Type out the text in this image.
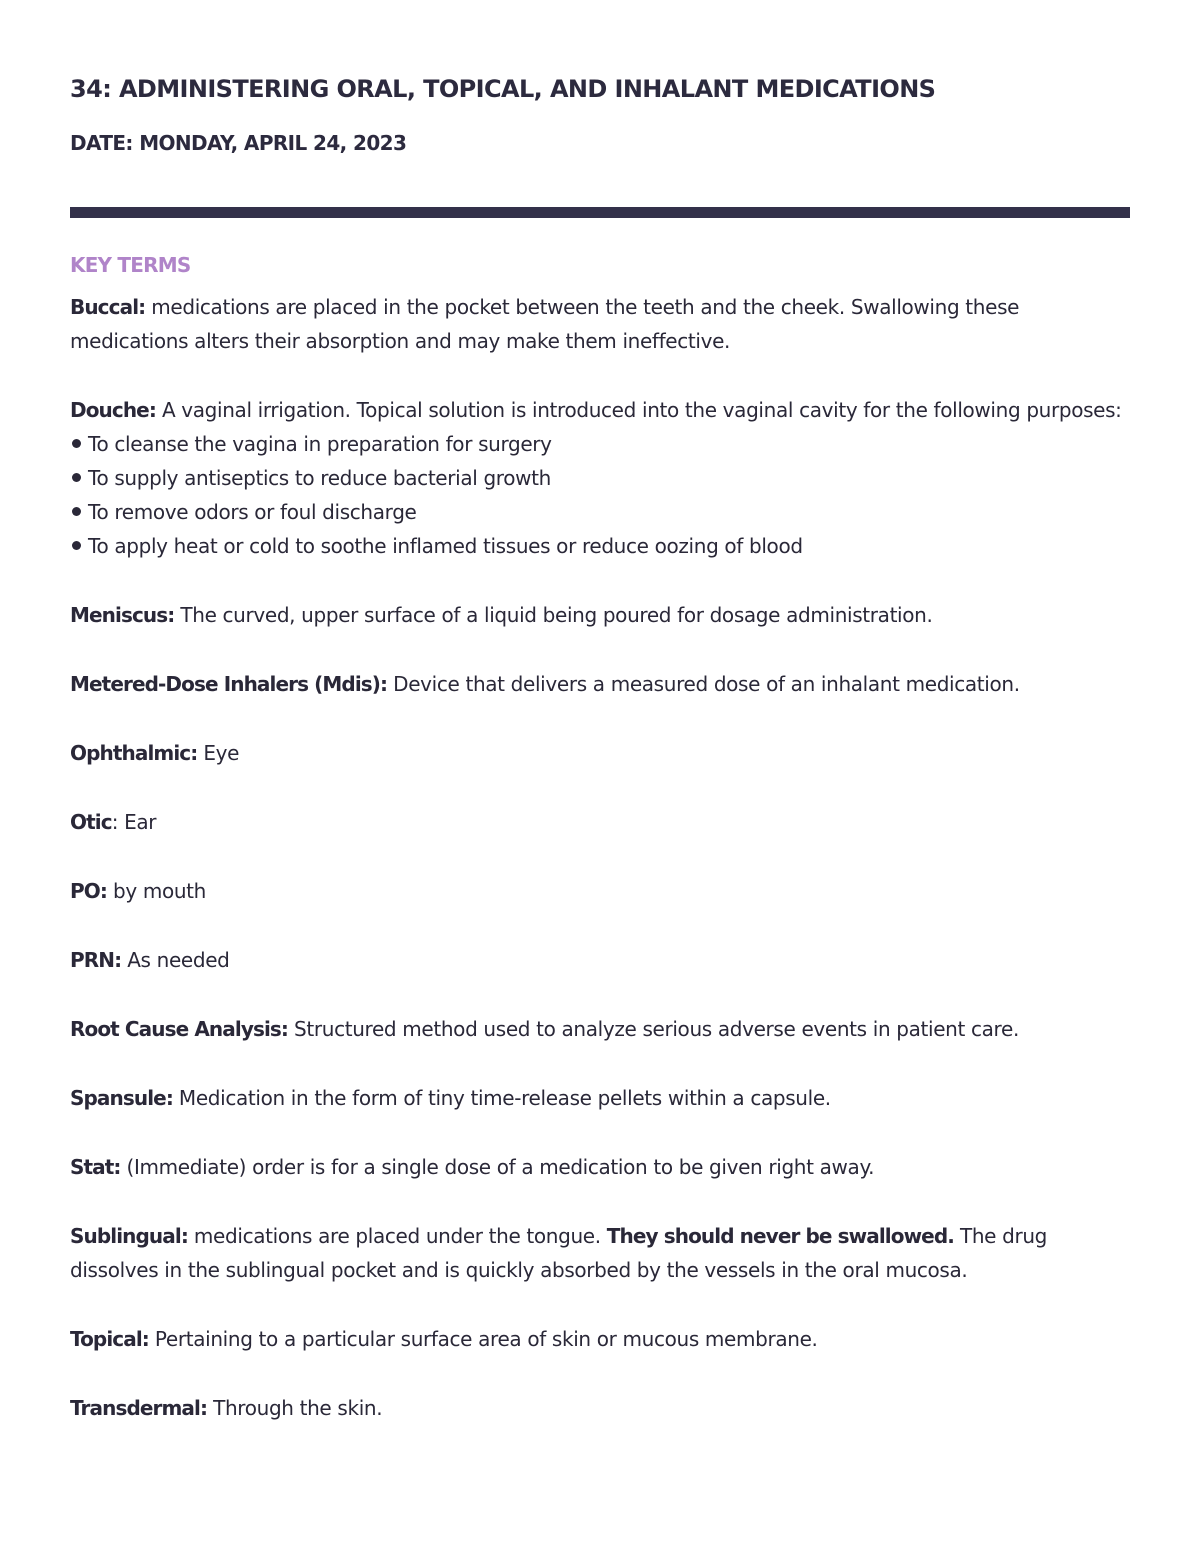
34: ADMINISTERING ORAL, TOPICAL, AND INHALANT MEDICATIONS
DATE: MONDAY, APRIL 24, 2023
KEY TERMS

Buccal: medications are placed in the pocket between the teeth and the cheek. Swallowing these medications alters their absorption and may make them ineffective.

Douche: A vaginal irrigation. Topical solution is introduced into the vaginal cavity for the following purposes:
To cleanse the vagina in preparation for surgery
To supply antiseptics to reduce bacterial growth
To remove odors or foul discharge
To apply heat or cold to soothe inflamed tissues or reduce oozing of blood

Meniscus: The curved, upper surface of a liquid being poured for dosage administration.

Metered-Dose Inhalers (Mdis): Device that delivers a measured dose of an inhalant medication.

Ophthalmic: Eye

Otic: Ear

PO: by mouth

PRN: As needed

Root Cause Analysis: Structured method used to analyze serious adverse events in patient care.

Spansule: Medication in the form of tiny time-release pellets within a capsule.

Stat: (Immediate) order is for a single dose of a medication to be given right away.

Sublingual: medications are placed under the tongue. They should never be swallowed. The drug dissolves in the sublingual pocket and is quickly absorbed by the vessels in the oral mucosa.

Topical: Pertaining to a particular surface area of skin or mucous membrane.

Transdermal: Through the skin.
